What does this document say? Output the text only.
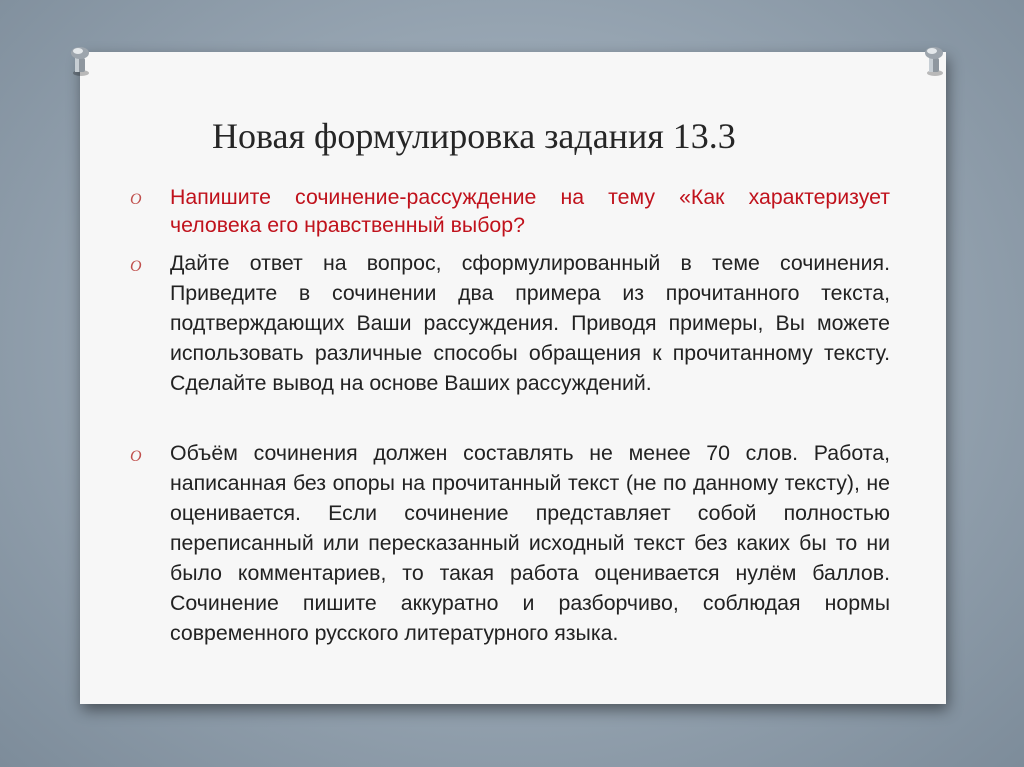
Новая формулировка задания 13.3
O Напишите сочинение-рассуждение на тему «Как характеризует человека его нравственный выбор?
O Дайте ответ на вопрос, сформулированный в теме сочинения. Приведите в сочинении два примера из прочитанного текста, подтверждающих Ваши рассуждения. Приводя примеры, Вы можете использовать различные способы обращения к прочитанному тексту. Сделайте вывод на основе Ваших рассуждений.
O Объём сочинения должен составлять не менее 70 слов. Работа, написанная без опоры на прочитанный текст (не по данному тексту), не оценивается. Если сочинение представляет собой полностью переписанный или пересказанный исходный текст без каких бы то ни было комментариев, то такая работа оценивается нулём баллов. Сочинение пишите аккуратно и разборчиво, соблюдая нормы современного русского литературного языка.
